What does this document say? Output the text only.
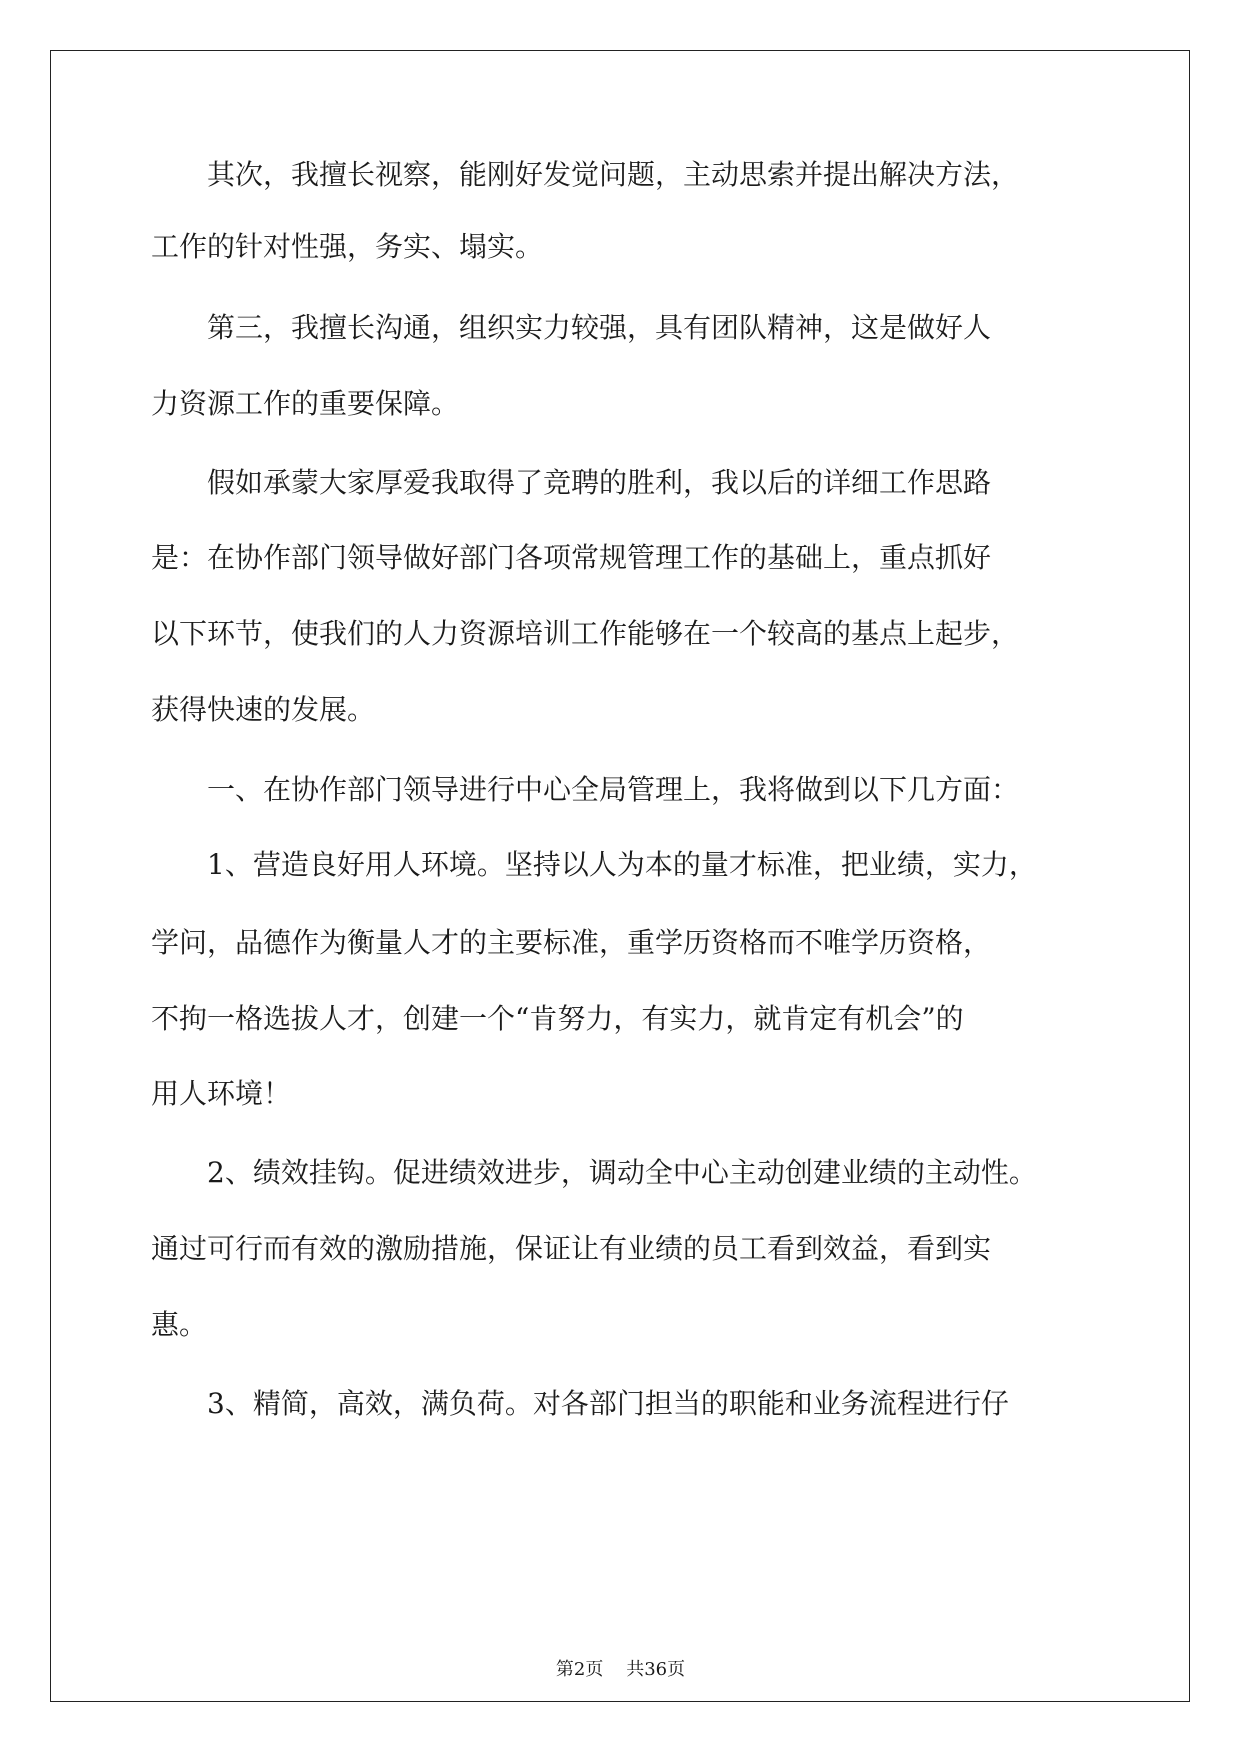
　　其次，我擅长视察，能刚好发觉问题，主动思索并提出解决方法，
工作的针对性强，务实、塌实。
　　第三，我擅长沟通，组织实力较强，具有团队精神，这是做好人
力资源工作的重要保障。
　　假如承蒙大家厚爱我取得了竞聘的胜利，我以后的详细工作思路
是：在协作部门领导做好部门各项常规管理工作的基础上，重点抓好
以下环节，使我们的人力资源培训工作能够在一个较高的基点上起步，
获得快速的发展。
　　一、在协作部门领导进行中心全局管理上，我将做到以下几方面：
　　1、营造良好用人环境。坚持以人为本的量才标准，把业绩，实力，
学问，品德作为衡量人才的主要标准，重学历资格而不唯学历资格，
不拘一格选拔人才，创建一个“肯努力，有实力，就肯定有机会”的
用人环境！
　　2、绩效挂钩。促进绩效进步，调动全中心主动创建业绩的主动性。
通过可行而有效的激励措施，保证让有业绩的员工看到效益，看到实
惠。
　　3、精简，高效，满负荷。对各部门担当的职能和业务流程进行仔
第2页 共36页
